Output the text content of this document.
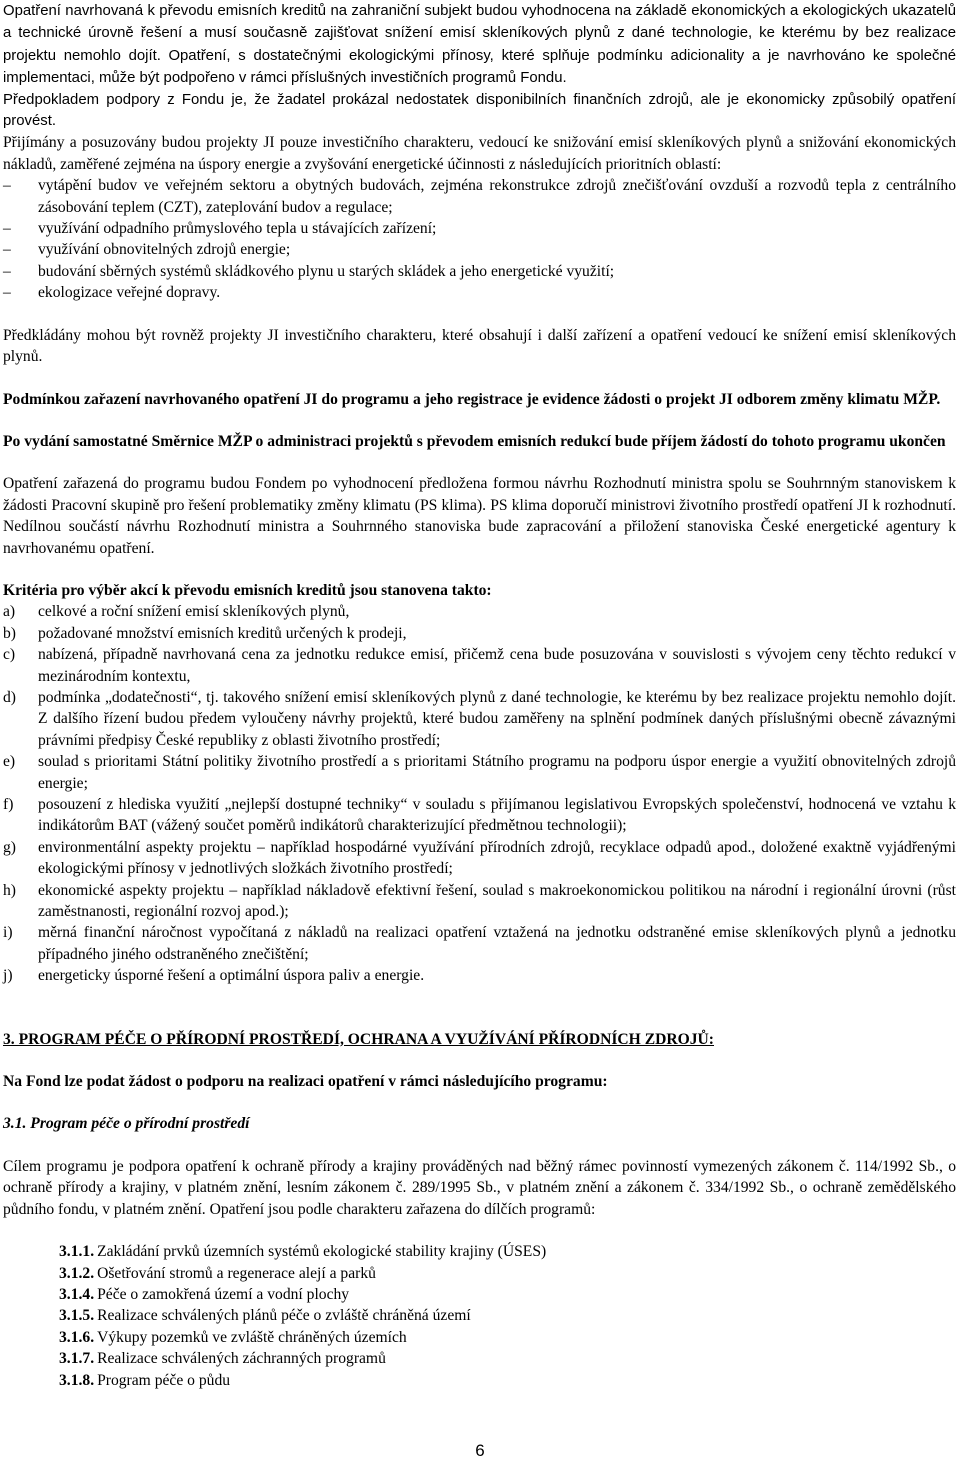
Opatření navrhovaná k převodu emisních kreditů na zahraniční subjekt budou vyhodnocena na základě ekonomických a ekologických ukazatelů a technické úrovně řešení a musí současně zajišťovat snížení emisí skleníkových plynů z dané technologie, ke kterému by bez realizace projektu nemohlo dojít. Opatření, s dostatečnými ekologickými přínosy, které splňuje podmínku adicionality a je navrhováno ke společné implementaci, může být podpořeno v rámci příslušných investičních programů Fondu.

Předpokladem podpory z Fondu je, že žadatel prokázal nedostatek disponibilních finančních zdrojů, ale je ekonomicky způsobilý opatření provést.

Přijímány a posuzovány budou projekty JI pouze investičního charakteru, vedoucí ke snižování emisí skleníkových plynů a snižování ekonomických nákladů, zaměřené zejména na úspory energie a zvyšování energetické účinnosti z následujících prioritních oblastí:

– vytápění budov ve veřejném sektoru a obytných budovách, zejména rekonstrukce zdrojů znečišťování ovzduší a rozvodů tepla z centrálního zásobování teplem (CZT), zateplování budov a regulace;
– využívání odpadního průmyslového tepla u stávajících zařízení;
– využívání obnovitelných zdrojů energie;
– budování sběrných systémů skládkového plynu u starých skládek a jeho energetické využití;
– ekologizace veřejné dopravy.

Předkládány mohou být rovněž projekty JI investičního charakteru, které obsahují i další zařízení a opatření vedoucí ke snížení emisí skleníkových plynů.

Podmínkou zařazení navrhovaného opatření JI do programu a jeho registrace je evidence žádosti o projekt JI odborem změny klimatu MŽP.

Po vydání samostatné Směrnice MŽP o administraci projektů s převodem emisních redukcí bude příjem žádostí do tohoto programu ukončen

Opatření zařazená do programu budou Fondem po vyhodnocení předložena formou návrhu Rozhodnutí ministra spolu se Souhrnným stanoviskem k žádosti Pracovní skupině pro řešení problematiky změny klimatu (PS klima). PS klima doporučí ministrovi životního prostředí opatření JI k rozhodnutí. Nedílnou součástí návrhu Rozhodnutí ministra a Souhrnného stanoviska bude zapracování a přiložení stanoviska České energetické agentury k navrhovanému opatření.

Kritéria pro výběr akcí k převodu emisních kreditů jsou stanovena takto:

a)	celkové a roční snížení emisí skleníkových plynů,
b)	požadované množství emisních kreditů určených k prodeji,
c)	nabízená, případně navrhovaná cena za jednotku redukce emisí, přičemž cena bude posuzována v souvislosti s vývojem ceny těchto redukcí v mezinárodním kontextu,
d)	podmínka „dodatečnosti“, tj. takového snížení emisí skleníkových plynů z dané technologie, ke kterému by bez realizace projektu nemohlo dojít. Z dalšího řízení budou předem vyloučeny návrhy projektů, které budou zaměřeny na splnění podmínek daných příslušnými obecně závaznými právními předpisy České republiky z oblasti životního prostředí;
e)	soulad s prioritami Státní politiky životního prostředí a s prioritami Státního programu na podporu úspor energie a využití obnovitelných zdrojů energie;
f)	posouzení z hlediska využití „nejlepší dostupné techniky“ v souladu s přijímanou legislativou Evropských společenství, hodnocená ve vztahu k indikátorům BAT (vážený součet poměrů indikátorů charakterizující předmětnou technologii);
g)	environmentální aspekty projektu – například hospodárné využívání přírodních zdrojů, recyklace odpadů apod., doložené exaktně vyjádřenými ekologickými přínosy v jednotlivých složkách životního prostředí;
h)	ekonomické aspekty projektu – například nákladově efektivní řešení, soulad s makroekonomickou politikou na národní i regionální úrovni (růst zaměstnanosti, regionální rozvoj apod.);
i)	měrná finanční náročnost vypočítaná z nákladů na realizaci opatření vztažená na jednotku odstraněné emise skleníkových plynů a jednotku případného jiného odstraněného znečištění;
j)	energeticky úsporné řešení a optimální úspora paliv a energie.

3. PROGRAM PÉČE O PŘÍRODNÍ PROSTŘEDÍ, OCHRANA A VYUŽÍVÁNÍ PŘÍRODNÍCH ZDROJŮ:

Na Fond lze podat žádost o podporu na realizaci opatření v rámci následujícího programu:

3.1. Program péče o přírodní prostředí

Cílem programu je podpora opatření k ochraně přírody a krajiny prováděných nad běžný rámec povinností vymezených zákonem č. 114/1992 Sb., o ochraně přírody a krajiny, v platném znění, lesním zákonem č. 289/1995 Sb., v platném znění a zákonem č. 334/1992 Sb., o ochraně zemědělského půdního fondu, v platném znění. Opatření jsou podle charakteru zařazena do dílčích programů:

3.1.1. Zakládání prvků územních systémů ekologické stability krajiny (ÚSES)
3.1.2. Ošetřování stromů a regenerace alejí a parků
3.1.4. Péče o zamokřená území a vodní plochy
3.1.5. Realizace schválených plánů péče o zvláště chráněná území
3.1.6. Výkupy pozemků ve zvláště chráněných územích
3.1.7. Realizace schválených záchranných programů
3.1.8. Program péče o půdu
6
